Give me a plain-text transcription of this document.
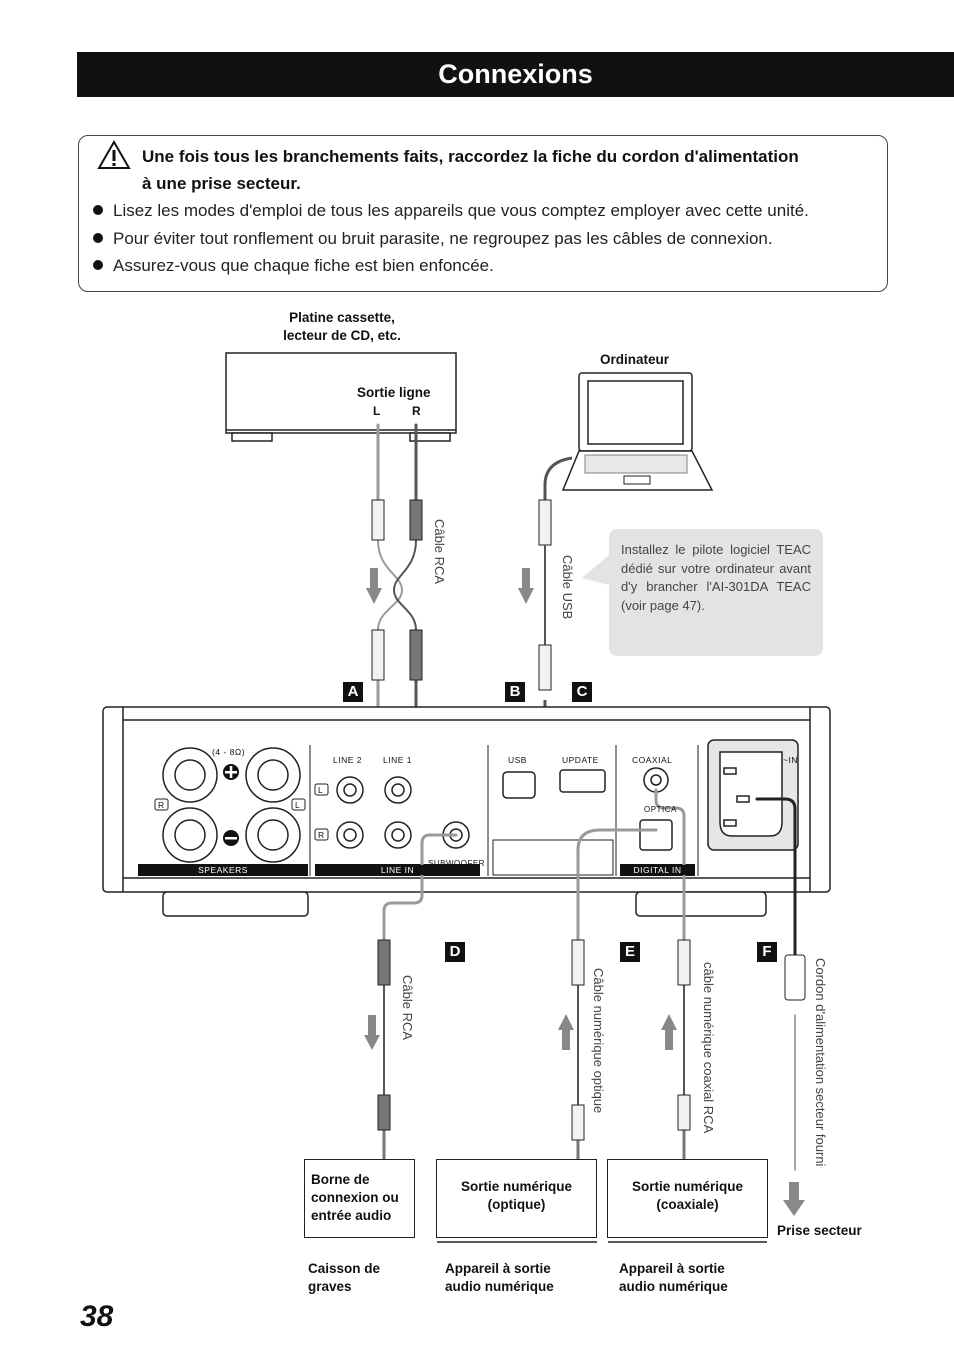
Connexions
Une fois tous les branchements faits, raccordez la fiche du cordon d'alimentation
à une prise secteur.
Lisez les modes d'emploi de tous les appareils que vous comptez employer avec cette unité.
Pour éviter tout ronflement ou bruit parasite, ne regroupez pas les câbles de connexion.
Assurez-vous que chaque fiche est bien enfoncée.
Platine cassette,
lecteur de CD, etc.
Sortie ligne
L	R
Ordinateur
Câble RCA
Câble USB
Installez le pilote logiciel TEAC dédié sur votre ordinateur avant d'y brancher l'AI-301DA TEAC (voir page 47).
A	B	C
D	E	F
(4 - 8Ω)
R	L
L
R
SPEAKERS
LINE 2 LINE 1
LINE IN
SUBWOOFER
OUT
USB	UPDATE	COAXIAL
OPTICA
DIGITAL IN
~IN
Câble RCA	Câble numérique optique	câble numérique coaxial RCA	Cordon d'alimentation secteur fourni
Borne de connexion ou entrée audio
Sortie numérique (optique)
Sortie numérique (coaxiale)
Prise secteur
Caisson de graves
Appareil à sortie audio numérique
Appareil à sortie audio numérique
38
